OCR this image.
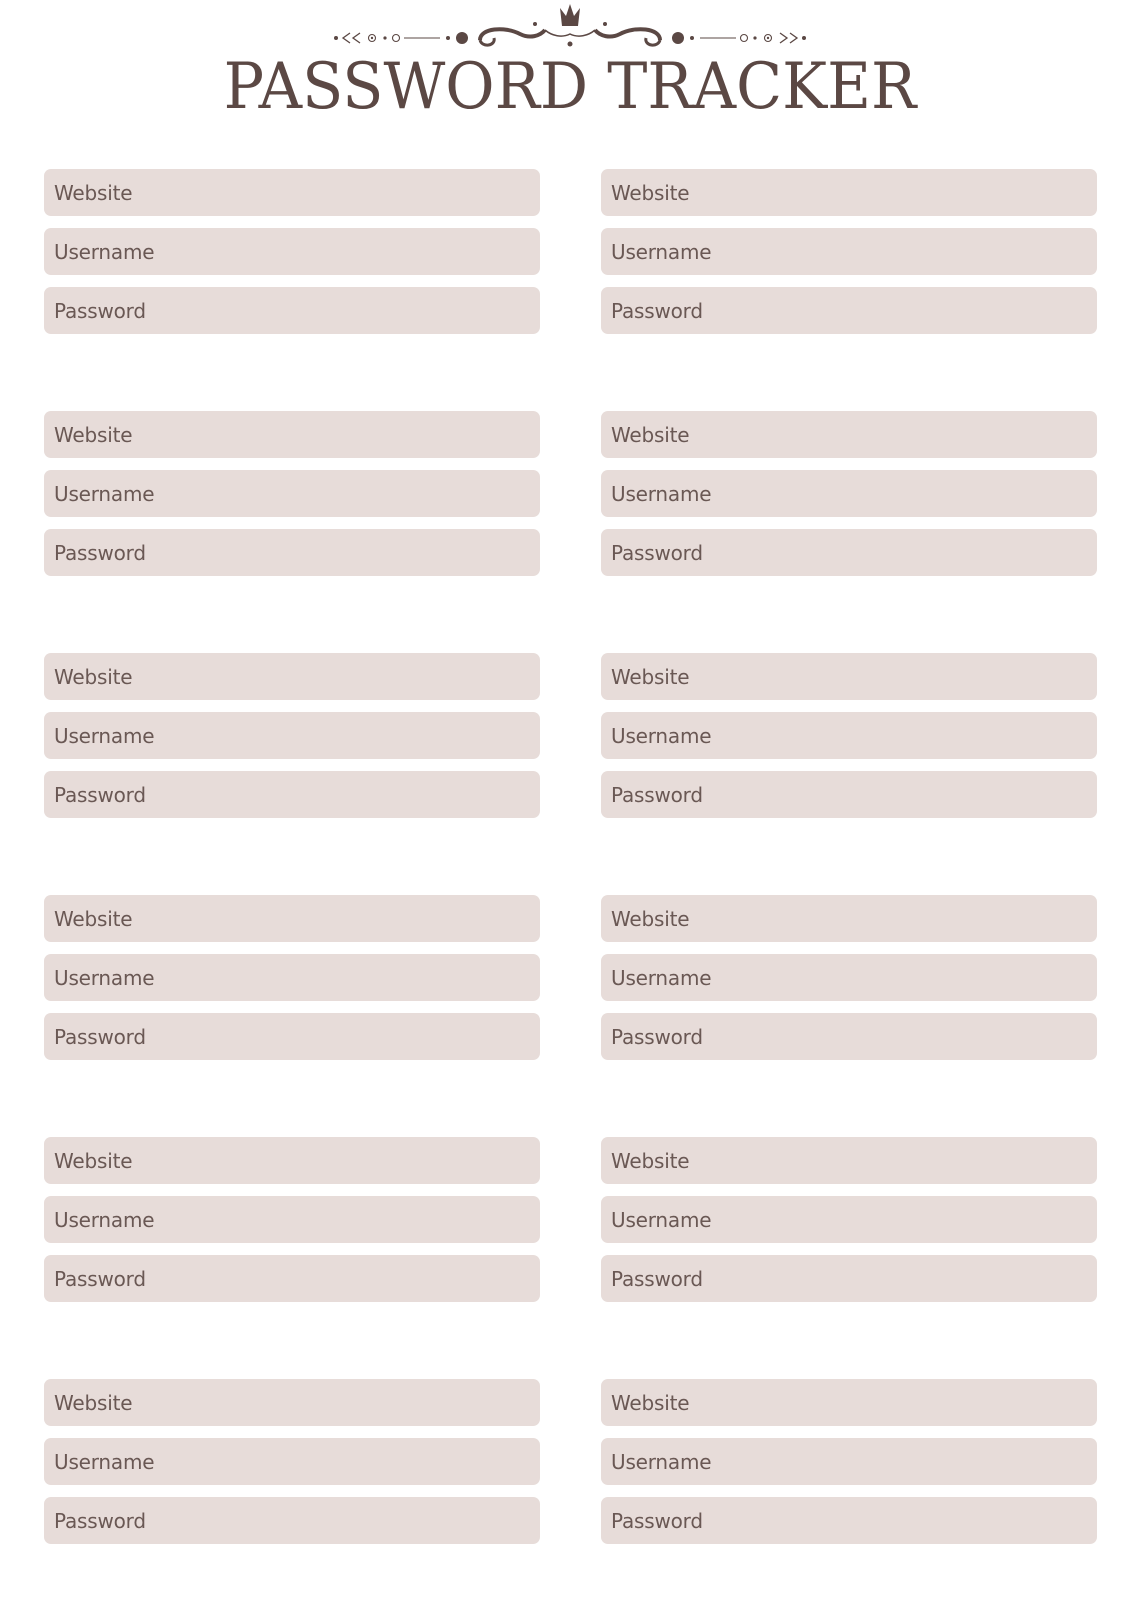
PASSWORD TRACKER
Website
Username
Password
Website
Username
Password
Website
Username
Password
Website
Username
Password
Website
Username
Password
Website
Username
Password
Website
Username
Password
Website
Username
Password
Website
Username
Password
Website
Username
Password
Website
Username
Password
Website
Username
Password
